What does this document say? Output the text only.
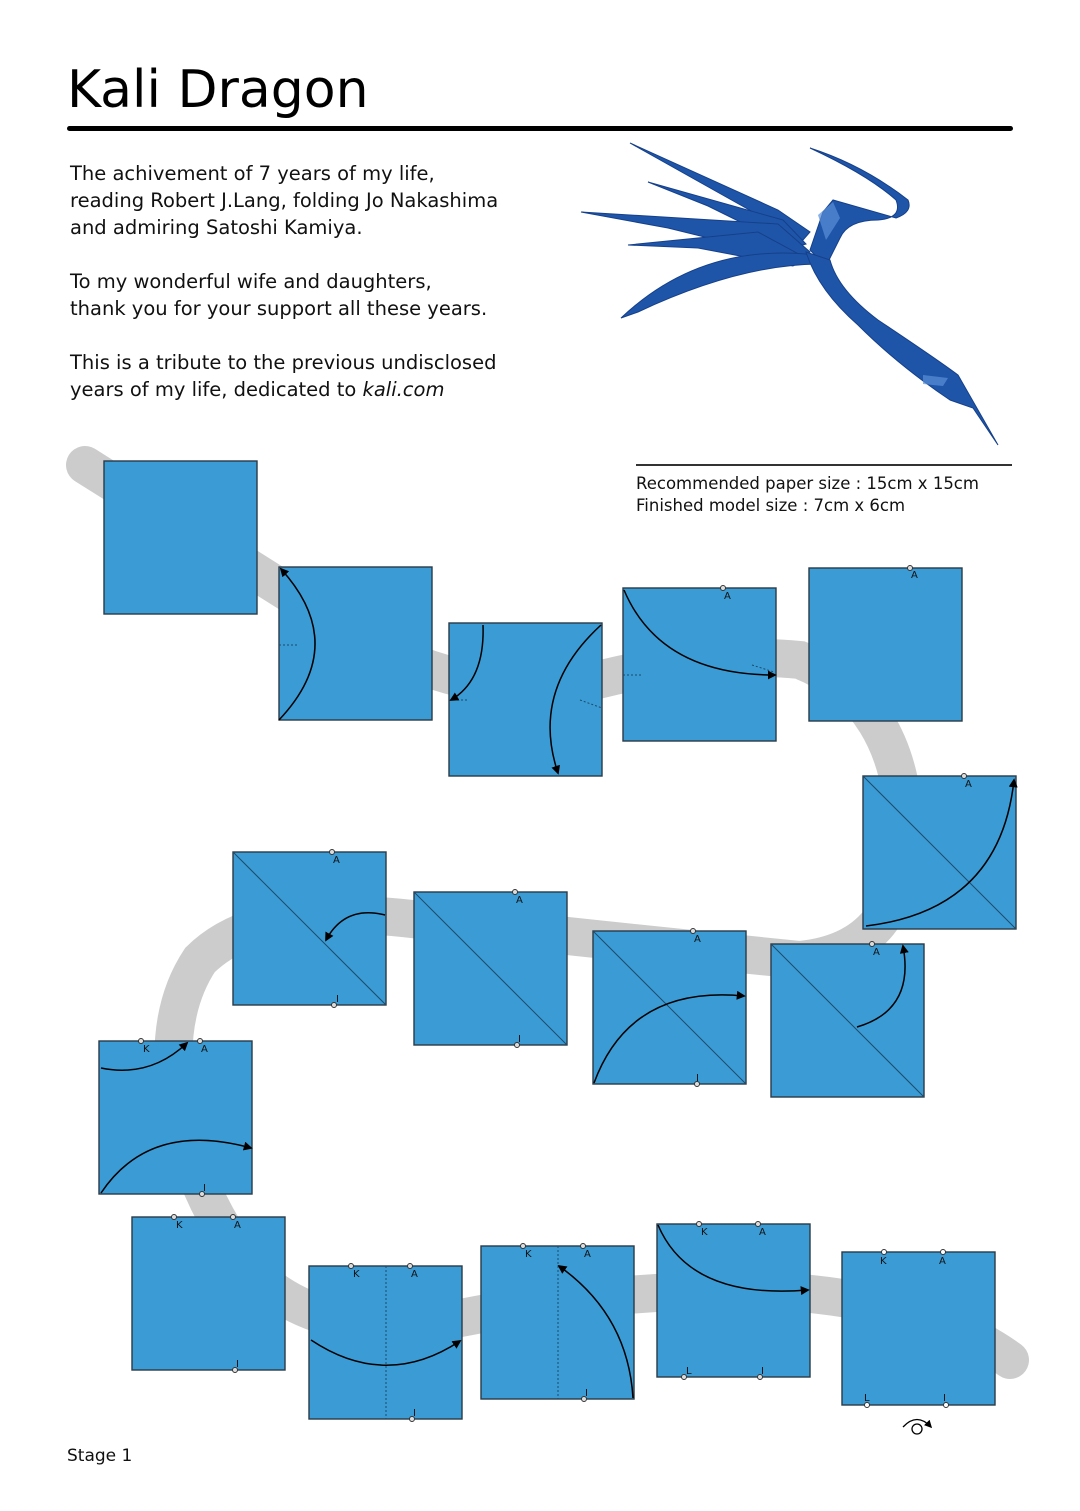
Kali Dragon

The achivement of 7 years of my life,
reading Robert J.Lang, folding Jo Nakashima
and admiring Satoshi Kamiya.

To my wonderful wife and daughters,
thank you for your support all these years.

This is a tribute to the previous undisclosed
years of my life, dedicated to kali.com

Recommended paper size : 15cm x 15cm
Finished model size : 7cm x 6cm
A
A
A
A
A
A
A
A
A
A
A
A
A
I
I
I
I
I
I
I
I
I
K
K
K
K
K
K
L
L
Stage 1
